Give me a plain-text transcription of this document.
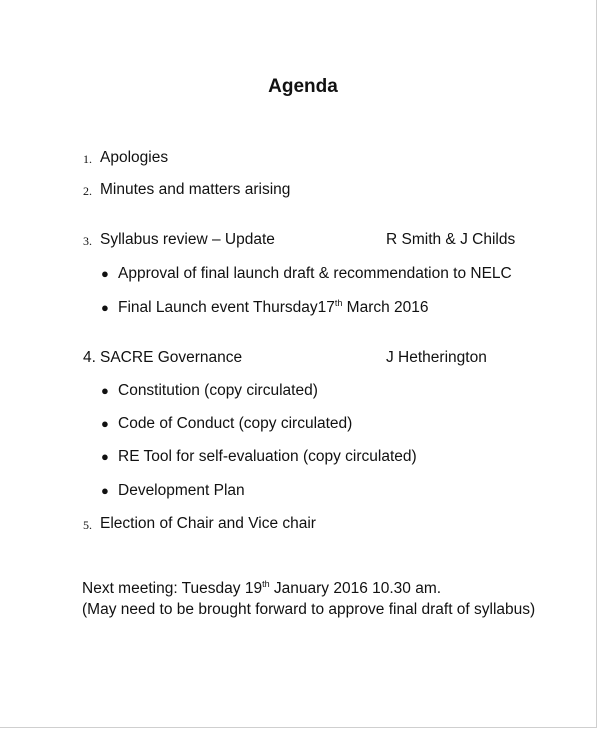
Agenda
1. Apologies
2. Minutes and matters arising
3. Syllabus review – Update	R Smith & J Childs
● Approval of final launch draft & recommendation to NELC
● Final Launch event Thursday17th March 2016
4. SACRE Governance	J Hetherington
● Constitution (copy circulated)
● Code of Conduct (copy circulated)
● RE Tool for self-evaluation (copy circulated)
● Development Plan
5. Election of Chair and Vice chair
Next meeting: Tuesday 19th January 2016 10.30 am.
(May need to be brought forward to approve final draft of syllabus)
